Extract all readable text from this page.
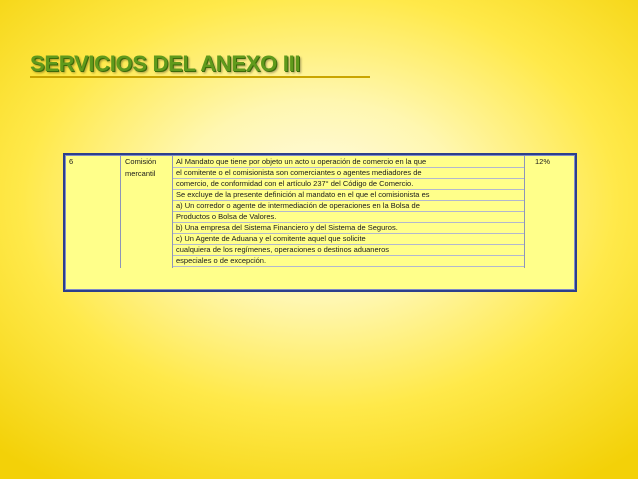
SERVICIOS DEL ANEXO III
6	Comisión
mercantil
Al Mandato que tiene por objeto un acto u operación de comercio en la que
el comitente o el comisionista son comerciantes o agentes mediadores de
comercio, de conformidad con el artículo 237° del Código de Comercio.
Se excluye de la presente definición al mandato en el que el comisionista es
a) Un corredor o agente de intermediación de operaciones en la Bolsa de
Productos o Bolsa de Valores.
b) Una empresa del Sistema Financiero y del Sistema de Seguros.
c) Un Agente de Aduana y el comitente aquel que solicite
cualquiera de los regímenes, operaciones o destinos aduaneros
especiales o de excepción.
12%
